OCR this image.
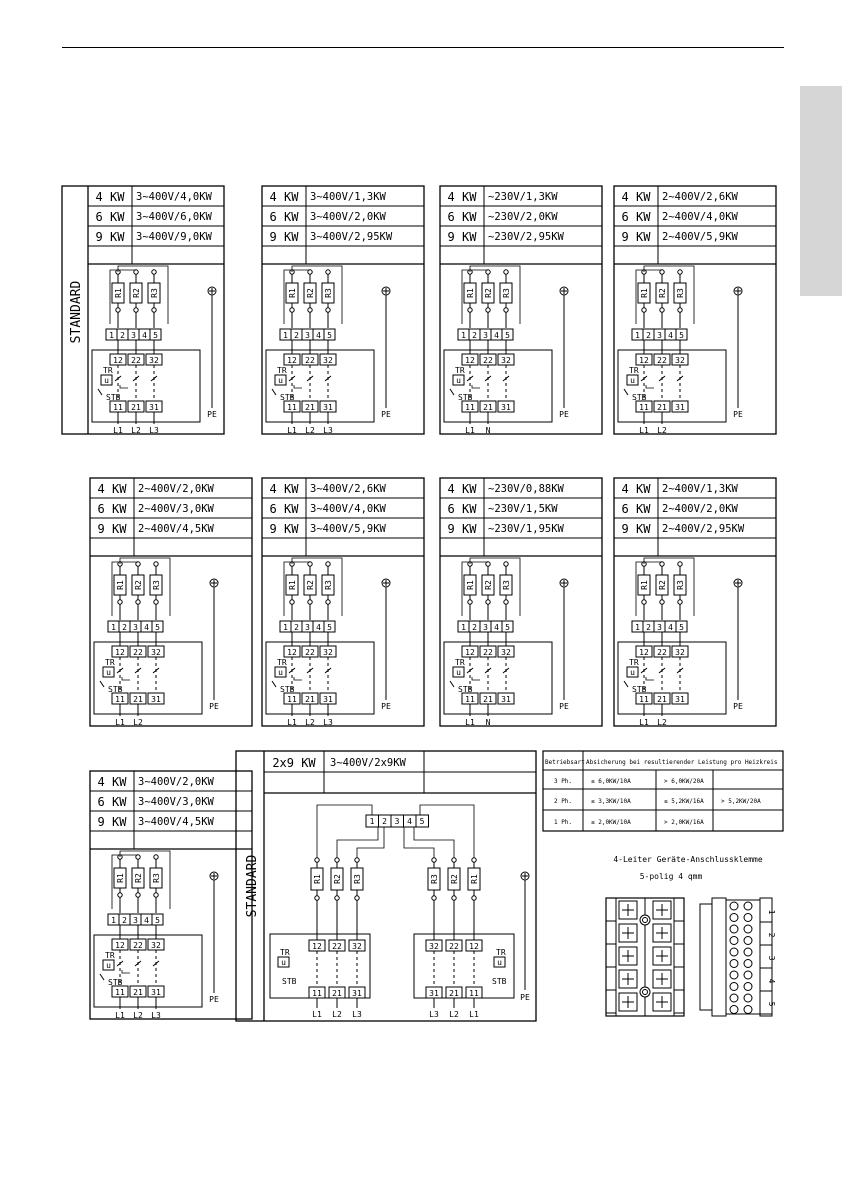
STANDARD
4 KW 3~400V/4,0KW
6 KW 3~400V/6,0KW
9 KW 3~400V/9,0KW
R1 R2 R3
PE
1 2 3 4 5
12
11
22
21
32
31
TR
u
STB
L1 L2 L3
4 KW 3~400V/1,3KW
6 KW 3~400V/2,0KW
9 KW 3~400V/2,95KW
R1 R2 R3
PE
1 2 3 4 5
12
11
22
21
32
31
TR
u
STB
L1 L2 L3
4 KW ~230V/1,3KW
6 KW ~230V/2,0KW
9 KW ~230V/2,95KW
R1 R2 R3
PE
1 2 3 4 5
12
11
22
21
32
31
TR
u
STB
L1 N
4 KW 2~400V/2,6KW
6 KW 2~400V/4,0KW
9 KW 2~400V/5,9KW
R1 R2 R3
PE
1 2 3 4 5
12
11
22
21
32
31
TR
u
STB
L1 L2
4 KW 2~400V/2,0KW
6 KW 2~400V/3,0KW
9 KW 2~400V/4,5KW
R1 R2 R3
PE
1 2 3 4 5
12
11
22
21
32
31
TR
u
STB
L1 L2
4 KW 3~400V/2,6KW
6 KW 3~400V/4,0KW
9 KW 3~400V/5,9KW
R1 R2 R3
PE
1 2 3 4 5
12
11
22
21
32
31
TR
u
STB
L1 L2 L3
4 KW ~230V/0,88KW
6 KW ~230V/1,5KW
9 KW ~230V/1,95KW
R1 R2 R3
PE
1 2 3 4 5
12
11
22
21
32
31
TR
u
STB
L1 N
4 KW 2~400V/1,3KW
6 KW 2~400V/2,0KW
9 KW 2~400V/2,95KW
R1 R2 R3
PE
1 2 3 4 5
12
11
22
21
32
31
TR
u
STB
L1 L2
4 KW 3~400V/2,0KW
6 KW 3~400V/3,0KW
9 KW 3~400V/4,5KW
R1 R2 R3
PE
1 2 3 4 5
12
11
22
21
32
31
TR
u
STB
L1 L2 L3
STANDARD
2x9 KW 3~400V/2x9KW
1 2 3 4 5
R1 R2 R3	R3 R2 R1
PE
12
11
L1
22
21
L2
32
31
L3
TR
u
STB
32
31
L3
22
21
L2
12
11
L1
TR
u
STB
Betriebsart Absicherung bei resultierender Leistung pro Heizkreis
3 Ph.	≤ 6,0KW/10A	> 6,0KW/20A
2 Ph.	≤ 3,3KW/10A	≤ 5,2KW/16A	> 5,2KW/20A
1 Ph.	≤ 2,0KW/10A	> 2,0KW/16A
4-Leiter Geräte-Anschlussklemme
5-polig 4 qmm
1
2
3
4
5
